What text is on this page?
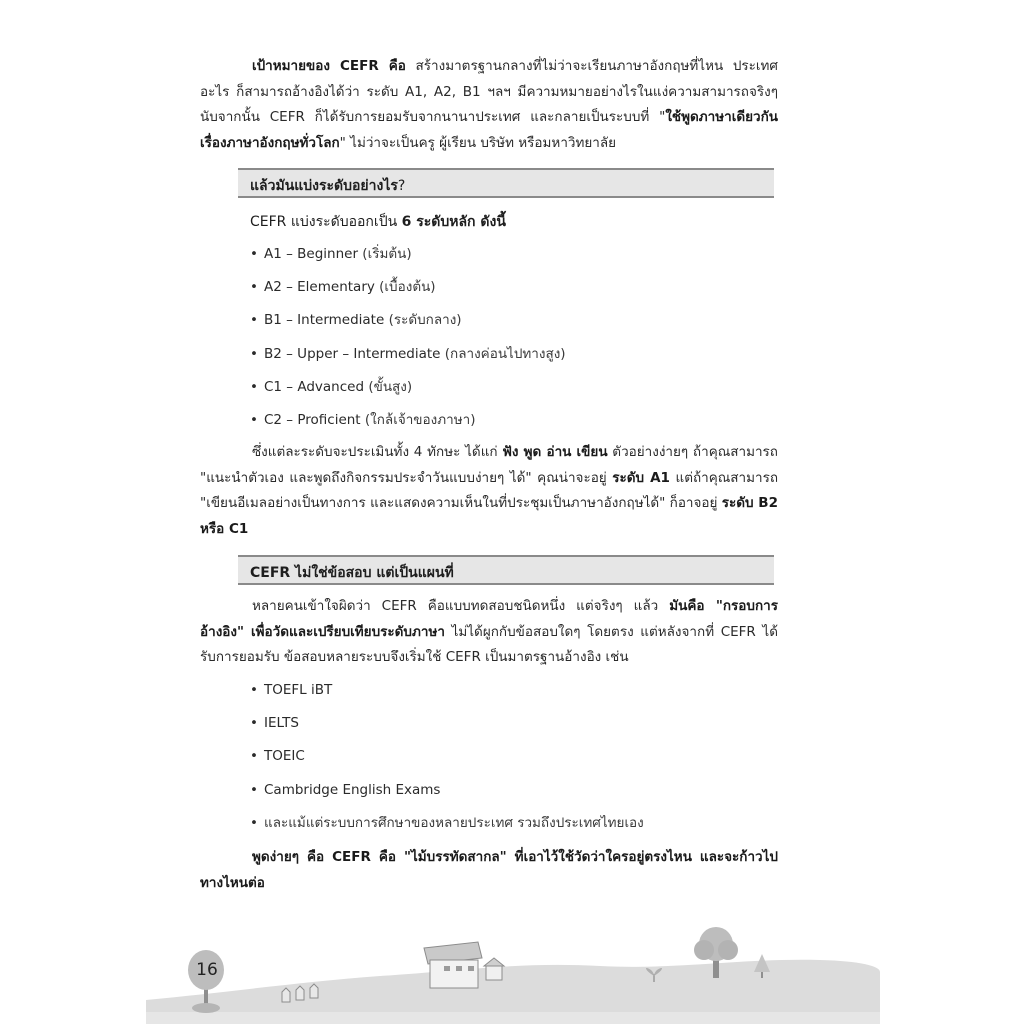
เป้าหมายของ CEFR คือ สร้างมาตรฐานกลางที่ไม่ว่าจะเรียนภาษาอังกฤษที่ไหน ประเทศอะไร ก็สามารถอ้างอิงได้ว่า ระดับ A1, A2, B1 ฯลฯ มีความหมายอย่างไรในแง่ความสามารถจริงๆ นับจากนั้น CEFR ก็ได้รับการยอมรับจากนานาประเทศ และกลายเป็นระบบที่ "ใช้พูดภาษาเดียวกันเรื่องภาษาอังกฤษทั่วโลก" ไม่ว่าจะเป็นครู ผู้เรียน บริษัท หรือมหาวิทยาลัย
แล้วมันแบ่งระดับอย่างไร?
CEFR แบ่งระดับออกเป็น 6 ระดับหลัก ดังนี้
• A1 – Beginner (เริ่มต้น)
• A2 – Elementary (เบื้องต้น)
• B1 – Intermediate (ระดับกลาง)
• B2 – Upper – Intermediate (กลางค่อนไปทางสูง)
• C1 – Advanced (ขั้นสูง)
• C2 – Proficient (ใกล้เจ้าของภาษา)
ซึ่งแต่ละระดับจะประเมินทั้ง 4 ทักษะ ได้แก่ ฟัง พูด อ่าน เขียน ตัวอย่างง่ายๆ ถ้าคุณสามารถ "แนะนำตัวเอง และพูดถึงกิจกรรมประจำวันแบบง่ายๆ ได้" คุณน่าจะอยู่ ระดับ A1 แต่ถ้าคุณสามารถ "เขียนอีเมลอย่างเป็นทางการ และแสดงความเห็นในที่ประชุมเป็นภาษาอังกฤษได้" ก็อาจอยู่ ระดับ B2 หรือ C1
CEFR ไม่ใช่ข้อสอบ แต่เป็นแผนที่
หลายคนเข้าใจผิดว่า CEFR คือแบบทดสอบชนิดหนึ่ง แต่จริงๆ แล้ว มันคือ "กรอบการอ้างอิง" เพื่อวัดและเปรียบเทียบระดับภาษา ไม่ได้ผูกกับข้อสอบใดๆ โดยตรง แต่หลังจากที่ CEFR ได้รับการยอมรับ ข้อสอบหลายระบบจึงเริ่มใช้ CEFR เป็นมาตรฐานอ้างอิง เช่น
• TOEFL iBT
• IELTS
• TOEIC
• Cambridge English Exams
• และแม้แต่ระบบการศึกษาของหลายประเทศ รวมถึงประเทศไทยเอง
พูดง่ายๆ คือ CEFR คือ "ไม้บรรทัดสากล" ที่เอาไว้ใช้วัดว่าใครอยู่ตรงไหน และจะก้าวไปทางไหนต่อ
16
